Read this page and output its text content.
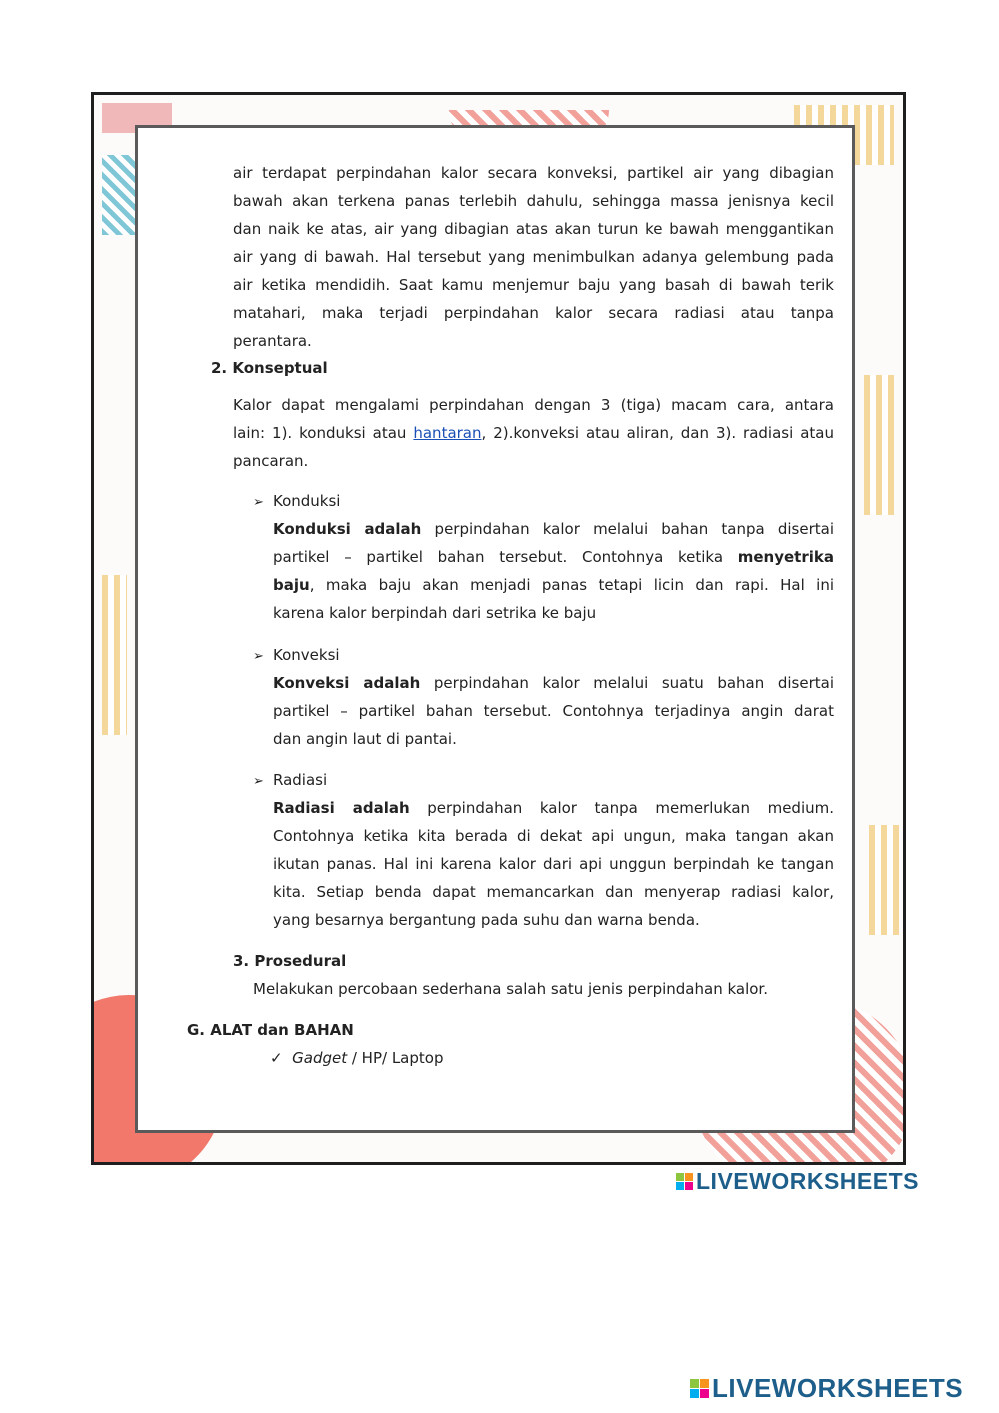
air terdapat perpindahan kalor secara konveksi, partikel air yang dibagian
bawah akan terkena panas terlebih dahulu, sehingga massa jenisnya kecil
dan naik ke atas, air yang dibagian atas akan turun ke bawah menggantikan
air yang di bawah. Hal tersebut yang menimbulkan adanya gelembung pada
air ketika mendidih. Saat kamu menjemur baju yang basah di bawah terik
matahari, maka terjadi perpindahan kalor secara radiasi atau tanpa
perantara.
2. Konseptual
Kalor dapat mengalami perpindahan dengan 3 (tiga) macam cara, antara
lain: 1). konduksi atau hantaran, 2).konveksi atau aliran, dan 3). radiasi atau
pancaran.
➢ Konduksi
Konduksi adalah perpindahan kalor melalui bahan tanpa disertai
partikel – partikel bahan tersebut. Contohnya ketika menyetrika
baju, maka baju akan menjadi panas tetapi licin dan rapi. Hal ini
karena kalor berpindah dari setrika ke baju
➢ Konveksi
Konveksi adalah perpindahan kalor melalui suatu bahan disertai
partikel – partikel bahan tersebut. Contohnya terjadinya angin darat
dan angin laut di pantai.
➢ Radiasi
Radiasi adalah perpindahan kalor tanpa memerlukan medium.
Contohnya ketika kita berada di dekat api ungun, maka tangan akan
ikutan panas. Hal ini karena kalor dari api unggun berpindah ke tangan
kita. Setiap benda dapat memancarkan dan menyerap radiasi kalor,
yang besarnya bergantung pada suhu dan warna benda.
3. Prosedural
Melakukan percobaan sederhana salah satu jenis perpindahan kalor.
G. ALAT dan BAHAN
✓ Gadget / HP/ Laptop
LIVEWORKSHEETS
LIVEWORKSHEETS
